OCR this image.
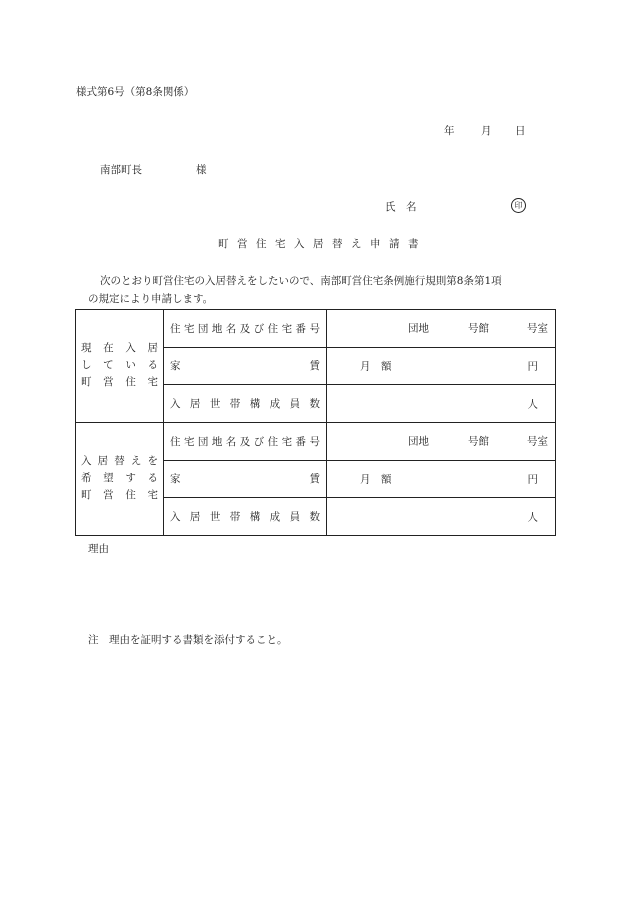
様式第6号（第8条関係）
年	月 日
南部町長	様
氏　名	印
町営住宅入居替え申請書
次のとおり町営住宅の入居替えをしたいので、南部町営住宅条例施行規則第8条第1項
の規定により申請します。
現在入居
している
町営住宅	住宅団地名及び住宅番号	団地 号館 号室

	家 賃	月　額 円

	入居世帯構成員数	人

入居替えを
希望する
町営住宅	住宅団地名及び住宅番号	団地 号館 号室

	家 賃	月　額 円

	入居世帯構成員数	人
理由
注　理由を証明する書類を添付すること。
